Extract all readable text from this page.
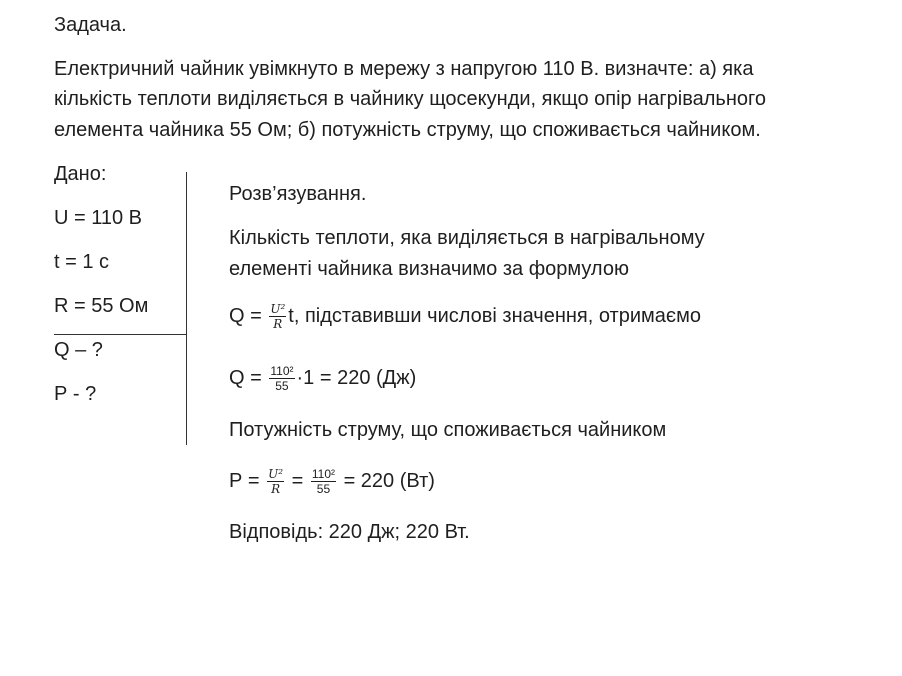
Задача.
Електричний чайник увімкнуто в мережу з напругою 110 В. визначте: а) яка
кількість теплоти виділяється в чайнику щосекунди, якщо опір нагрівального
елемента чайника 55 Ом; б) потужність струму, що споживається чайником.
Дано:
U = 110 В
t = 1 с
R = 55 Ом
Q – ?
Р - ?
Розв’язування.
Кількість теплоти, яка виділяється в нагрівальному
елементі чайника визначимо за формулою
$Q = \frac{\text{U²}}{R} t$, підставивши числові значення, отримаємо
$Q = \frac{\text{110²}}{55} \cdot 1 = 220$ (Дж)
Потужність струму, що споживається чайником
$Р = \frac{\text{U²}}{R} = \frac{\text{110²}}{55} = 220$ (Вт)
Відповідь: 220 Дж; 220 Вт.
